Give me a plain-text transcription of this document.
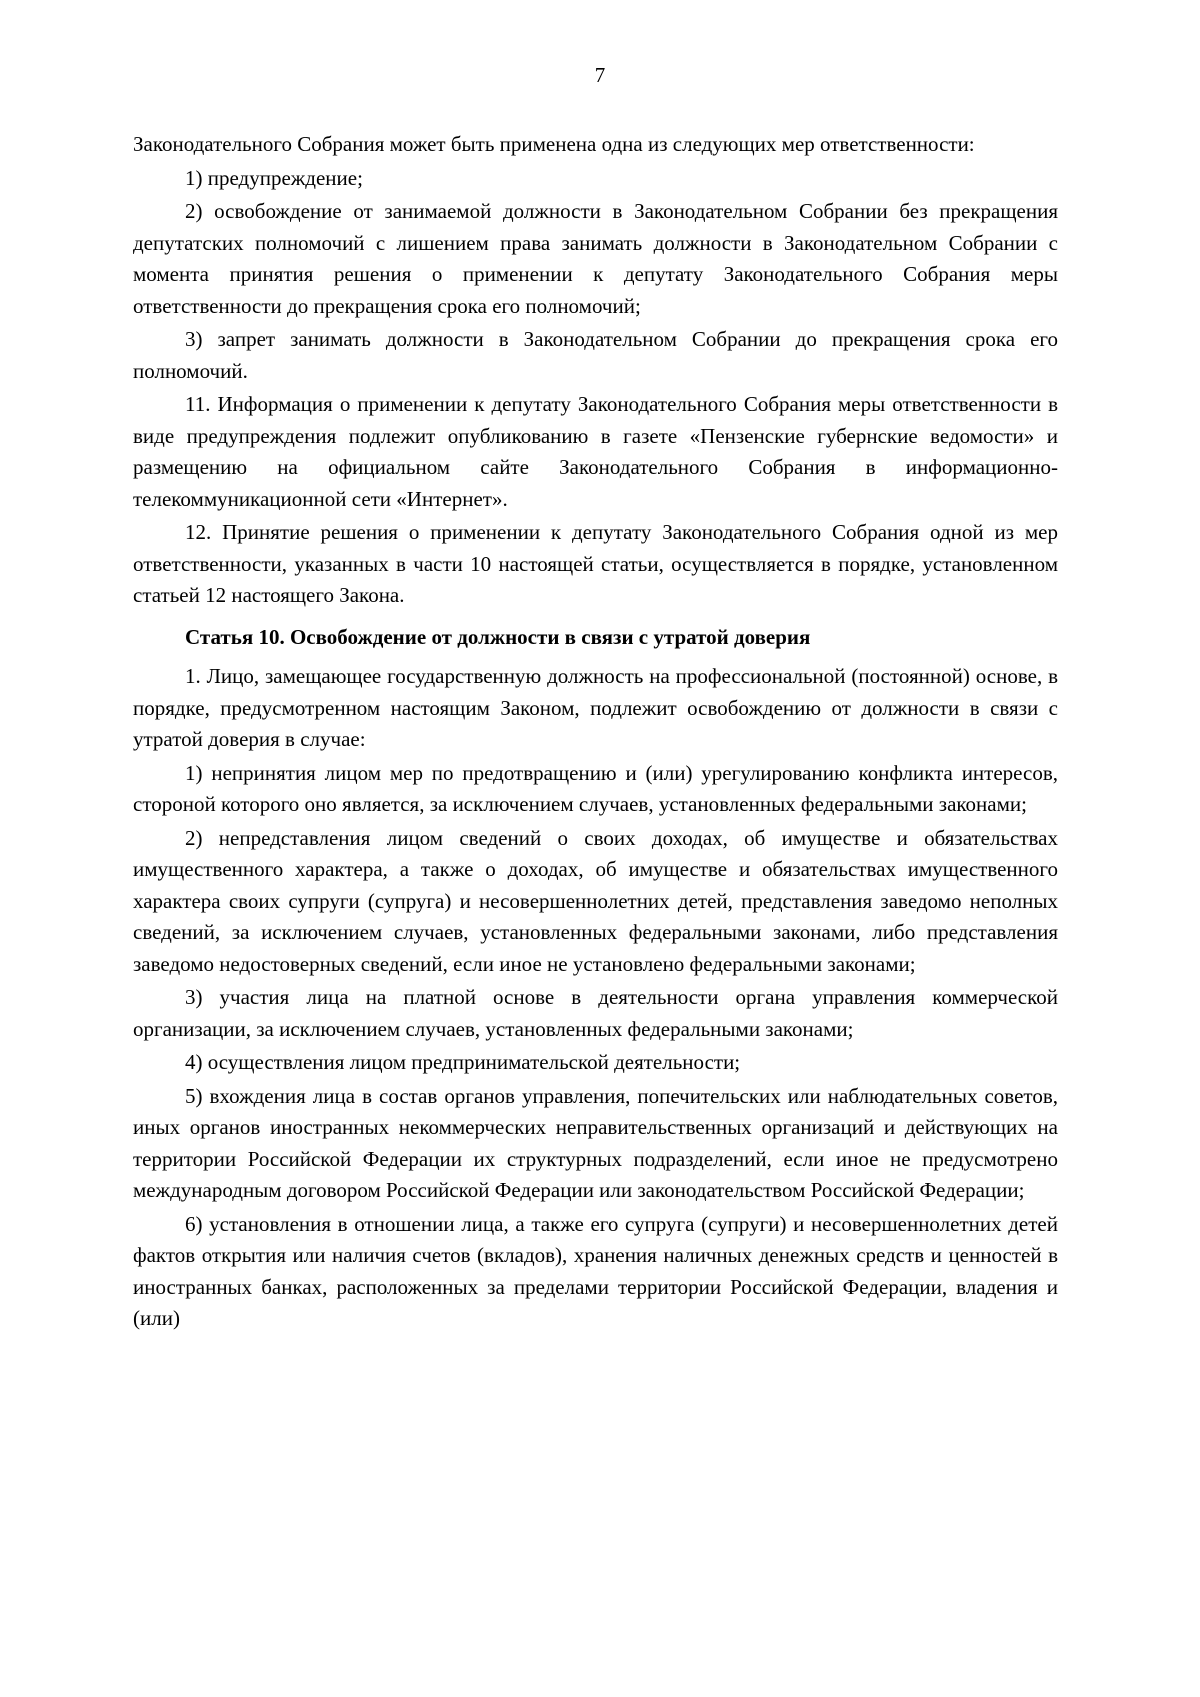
7

Законодательного Собрания может быть применена одна из следующих мер ответственности:

1) предупреждение;

2) освобождение от занимаемой должности в Законодательном Собрании без прекращения депутатских полномочий с лишением права занимать должности в Законодательном Собрании с момента принятия решения о применении к депутату Законодательного Собрания меры ответственности до прекращения срока его полномочий;

3) запрет занимать должности в Законодательном Собрании до прекращения срока его полномочий.

11. Информация о применении к депутату Законодательного Собрания меры ответственности в виде предупреждения подлежит опубликованию в газете «Пензенские губернские ведомости» и размещению на официальном сайте Законодательного Собрания в информационно-телекоммуникационной сети «Интернет».

12. Принятие решения о применении к депутату Законодательного Собрания одной из мер ответственности, указанных в части 10 настоящей статьи, осуществляется в порядке, установленном статьей 12 настоящего Закона.

Статья 10. Освобождение от должности в связи с утратой доверия

1. Лицо, замещающее государственную должность на профессиональной (постоянной) основе, в порядке, предусмотренном настоящим Законом, подлежит освобождению от должности в связи с утратой доверия в случае:

1) непринятия лицом мер по предотвращению и (или) урегулированию конфликта интересов, стороной которого оно является, за исключением случаев, установленных федеральными законами;

2) непредставления лицом сведений о своих доходах, об имуществе и обязательствах имущественного характера, а также о доходах, об имуществе и обязательствах имущественного характера своих супруги (супруга) и несовершеннолетних детей, представления заведомо неполных сведений, за исключением случаев, установленных федеральными законами, либо представления заведомо недостоверных сведений, если иное не установлено федеральными законами;

3) участия лица на платной основе в деятельности органа управления коммерческой организации, за исключением случаев, установленных федеральными законами;

4) осуществления лицом предпринимательской деятельности;

5) вхождения лица в состав органов управления, попечительских или наблюдательных советов, иных органов иностранных некоммерческих неправительственных организаций и действующих на территории Российской Федерации их структурных подразделений, если иное не предусмотрено международным договором Российской Федерации или законодательством Российской Федерации;

6) установления в отношении лица, а также его супруга (супруги) и несовершеннолетних детей фактов открытия или наличия счетов (вкладов), хранения наличных денежных средств и ценностей в иностранных банках, расположенных за пределами территории Российской Федерации, владения и (или)
